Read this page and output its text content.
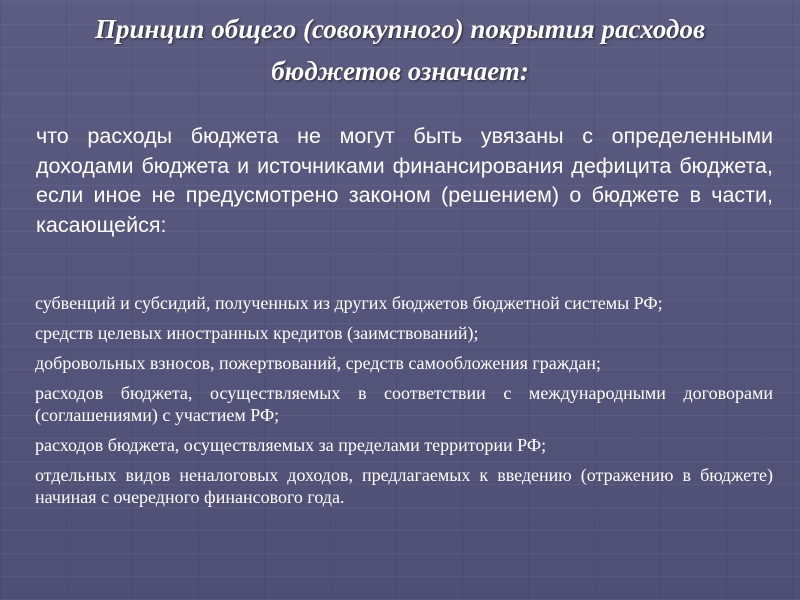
Принцип общего (совокупного) покрытия расходов
бюджетов означает:

что расходы бюджета не могут быть увязаны с определенными доходами бюджета и источниками финансирования дефицита бюджета, если иное не предусмотрено законом (решением) о бюджете в части, касающейся:

субвенций и субсидий, полученных из других бюджетов бюджетной системы РФ;
средств целевых иностранных кредитов (заимствований);
добровольных взносов, пожертвований, средств самообложения граждан;
расходов бюджета, осуществляемых в соответствии с международными договорами (соглашениями) с участием РФ;
расходов бюджета, осуществляемых за пределами территории РФ;
отдельных видов неналоговых доходов, предлагаемых к введению (отражению в бюджете) начиная с очередного финансового года.
